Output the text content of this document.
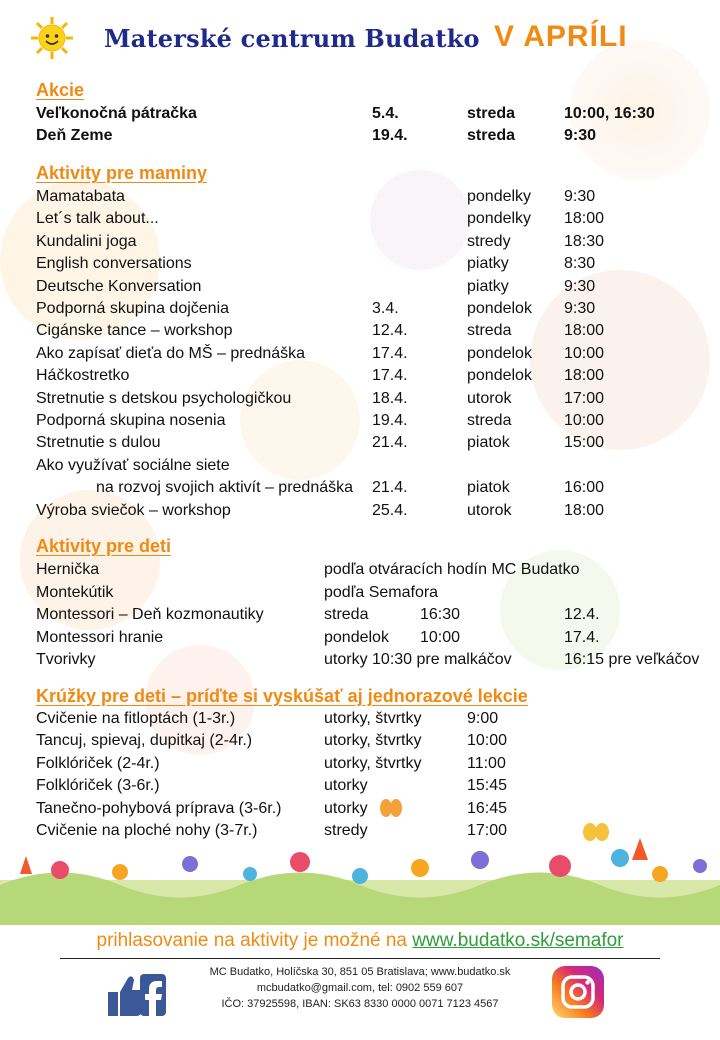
Materské centrum Budatko V APRÍLI
Akcie
Veľkonočná pátračka	5.4.	streda	10:00, 16:30
Deň Zeme	19.4.	streda	9:30
Aktivity pre maminy
Mamatabata	pondelky 9:30
Let´s talk about...	pondelky 18:00
Kundalini joga	stredy	18:30
English conversations	piatky	8:30
Deutsche Konversation	piatky	9:30
Podporná skupina dojčenia	3.4.	pondelok 9:30
Cigánske tance – workshop	12.4.	streda	18:00
Ako zapísať dieťa do MŠ – prednáška	17.4.	pondelok 10:00
Háčkostretko	17.4.	pondelok 18:00
Stretnutie s detskou psychologičkou	18.4.	utorok	17:00
Podporná skupina nosenia	19.4.	streda	10:00
Stretnutie s dulou	21.4.	piatok	15:00
Ako využívať sociálne siete
na rozvoj svojich aktivít – prednáška 21.4.	piatok	16:00
Výroba sviečok – workshop	25.4.	utorok	18:00
Aktivity pre deti
Hernička	podľa otváracích hodín MC Budatko
Montekútik	podľa Semafora
Montessori – Deň kozmonautiky	streda	16:30	12.4.
Montessori hranie	pondelok 10:00	17.4.
Tvorivky	utorky 10:30 pre malkáčov	16:15 pre veľkáčov
Krúžky pre deti – príďte si vyskúšať aj jednorazové lekcie
Cvičenie na fitloptách (1-3r.)	utorky, štvrtky	9:00
Tancuj, spievaj, dupitkaj (2-4r.)	utorky, štvrtky	10:00
Folklóriček (2-4r.)	utorky, štvrtky	11:00
Folklóriček (3-6r.)	utorky	15:45
Tanečno-pohybová príprava (3-6r.)	utorky	16:45
Cvičenie na ploché nohy (3-7r.)	stredy	17:00
prihlasovanie na aktivity je možné na www.budatko.sk/semafor
MC Budatko, Holíčska 30, 851 05 Bratislava; www.budatko.sk
mcbudatko@gmail.com, tel: 0902 559 607
IČO: 37925598, IBAN: SK63 8330 0000 0071 7123 4567
